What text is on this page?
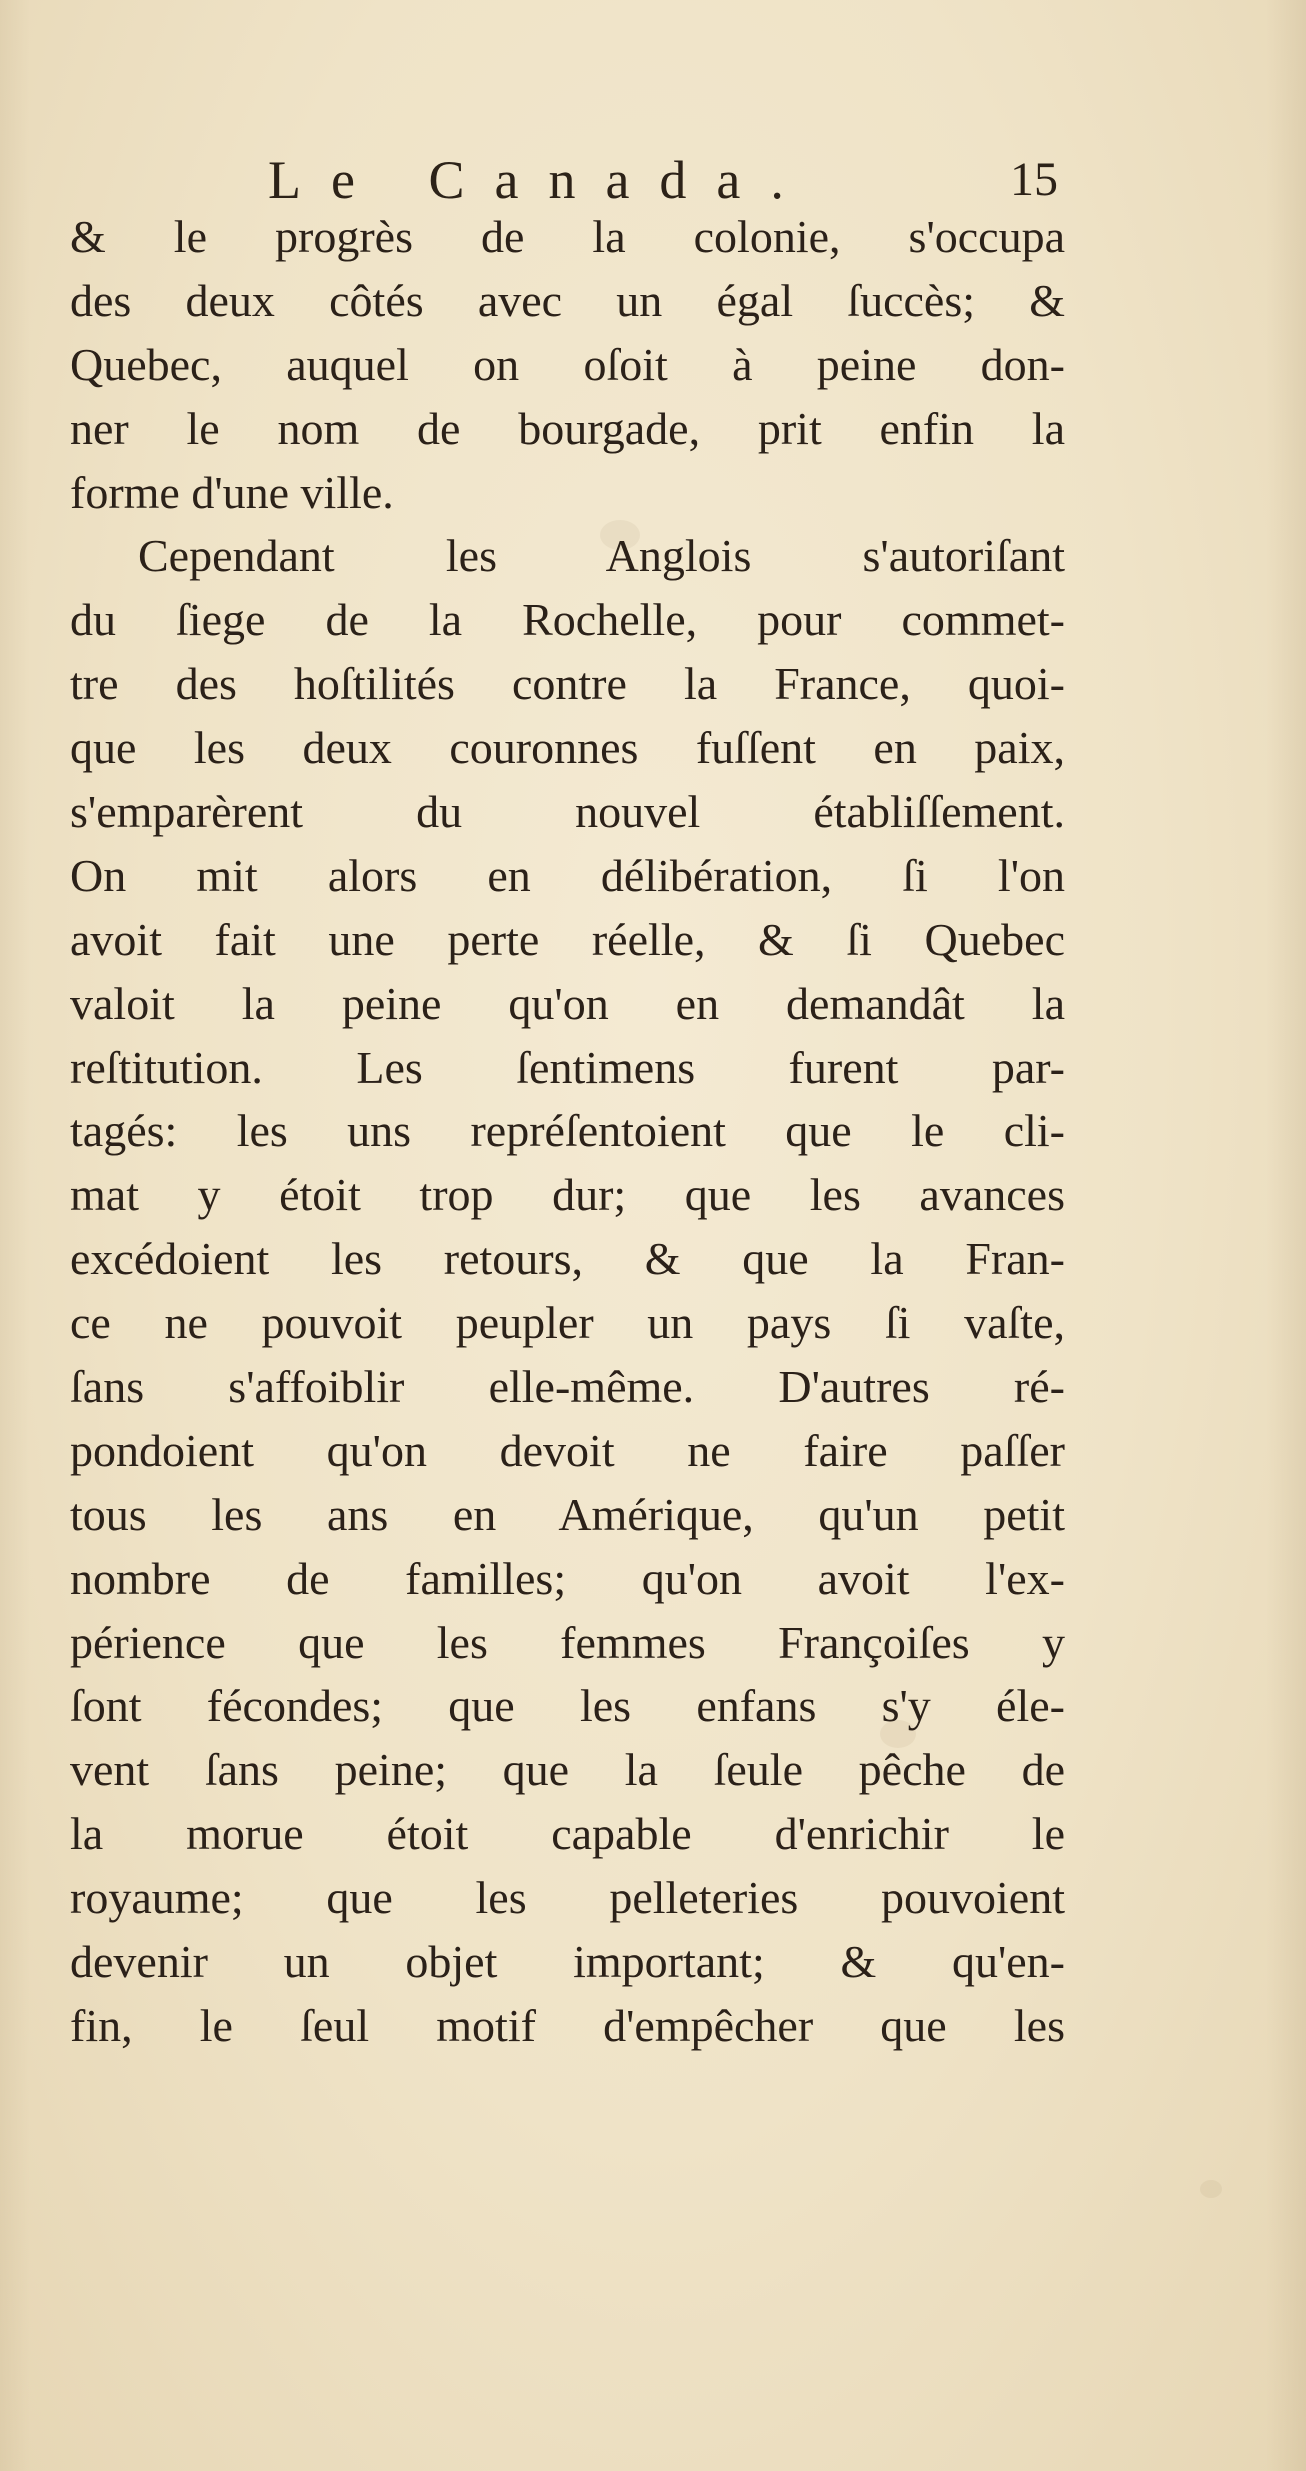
Le Canada.	15
& le progrès de la colonie, s'occupa
des deux côtés avec un égal ſuccès; &
Quebec, auquel on oſoit à peine don-
ner le nom de bourgade, prit enfin la
forme d'une ville.
Cependant les Anglois s'autoriſant
du ſiege de la Rochelle, pour commet-
tre des hoſtilités contre la France, quoi-
que les deux couronnes fuſſent en paix,
s'emparèrent du nouvel établiſſement.
On mit alors en délibération, ſi l'on
avoit fait une perte réelle, & ſi Quebec
valoit la peine qu'on en demandât la
reſtitution. Les ſentimens furent par-
tagés: les uns repréſentoient que le cli-
mat y étoit trop dur; que les avances
excédoient les retours, & que la Fran-
ce ne pouvoit peupler un pays ſi vaſte,
ſans s'affoiblir elle-même. D'autres ré-
pondoient qu'on devoit ne faire paſſer
tous les ans en Amérique, qu'un petit
nombre de familles; qu'on avoit l'ex-
périence que les femmes Françoiſes y
ſont fécondes; que les enfans s'y éle-
vent ſans peine; que la ſeule pêche de
la morue étoit capable d'enrichir le
royaume; que les pelleteries pouvoient
devenir un objet important; & qu'en-
fin, le ſeul motif d'empêcher que les
